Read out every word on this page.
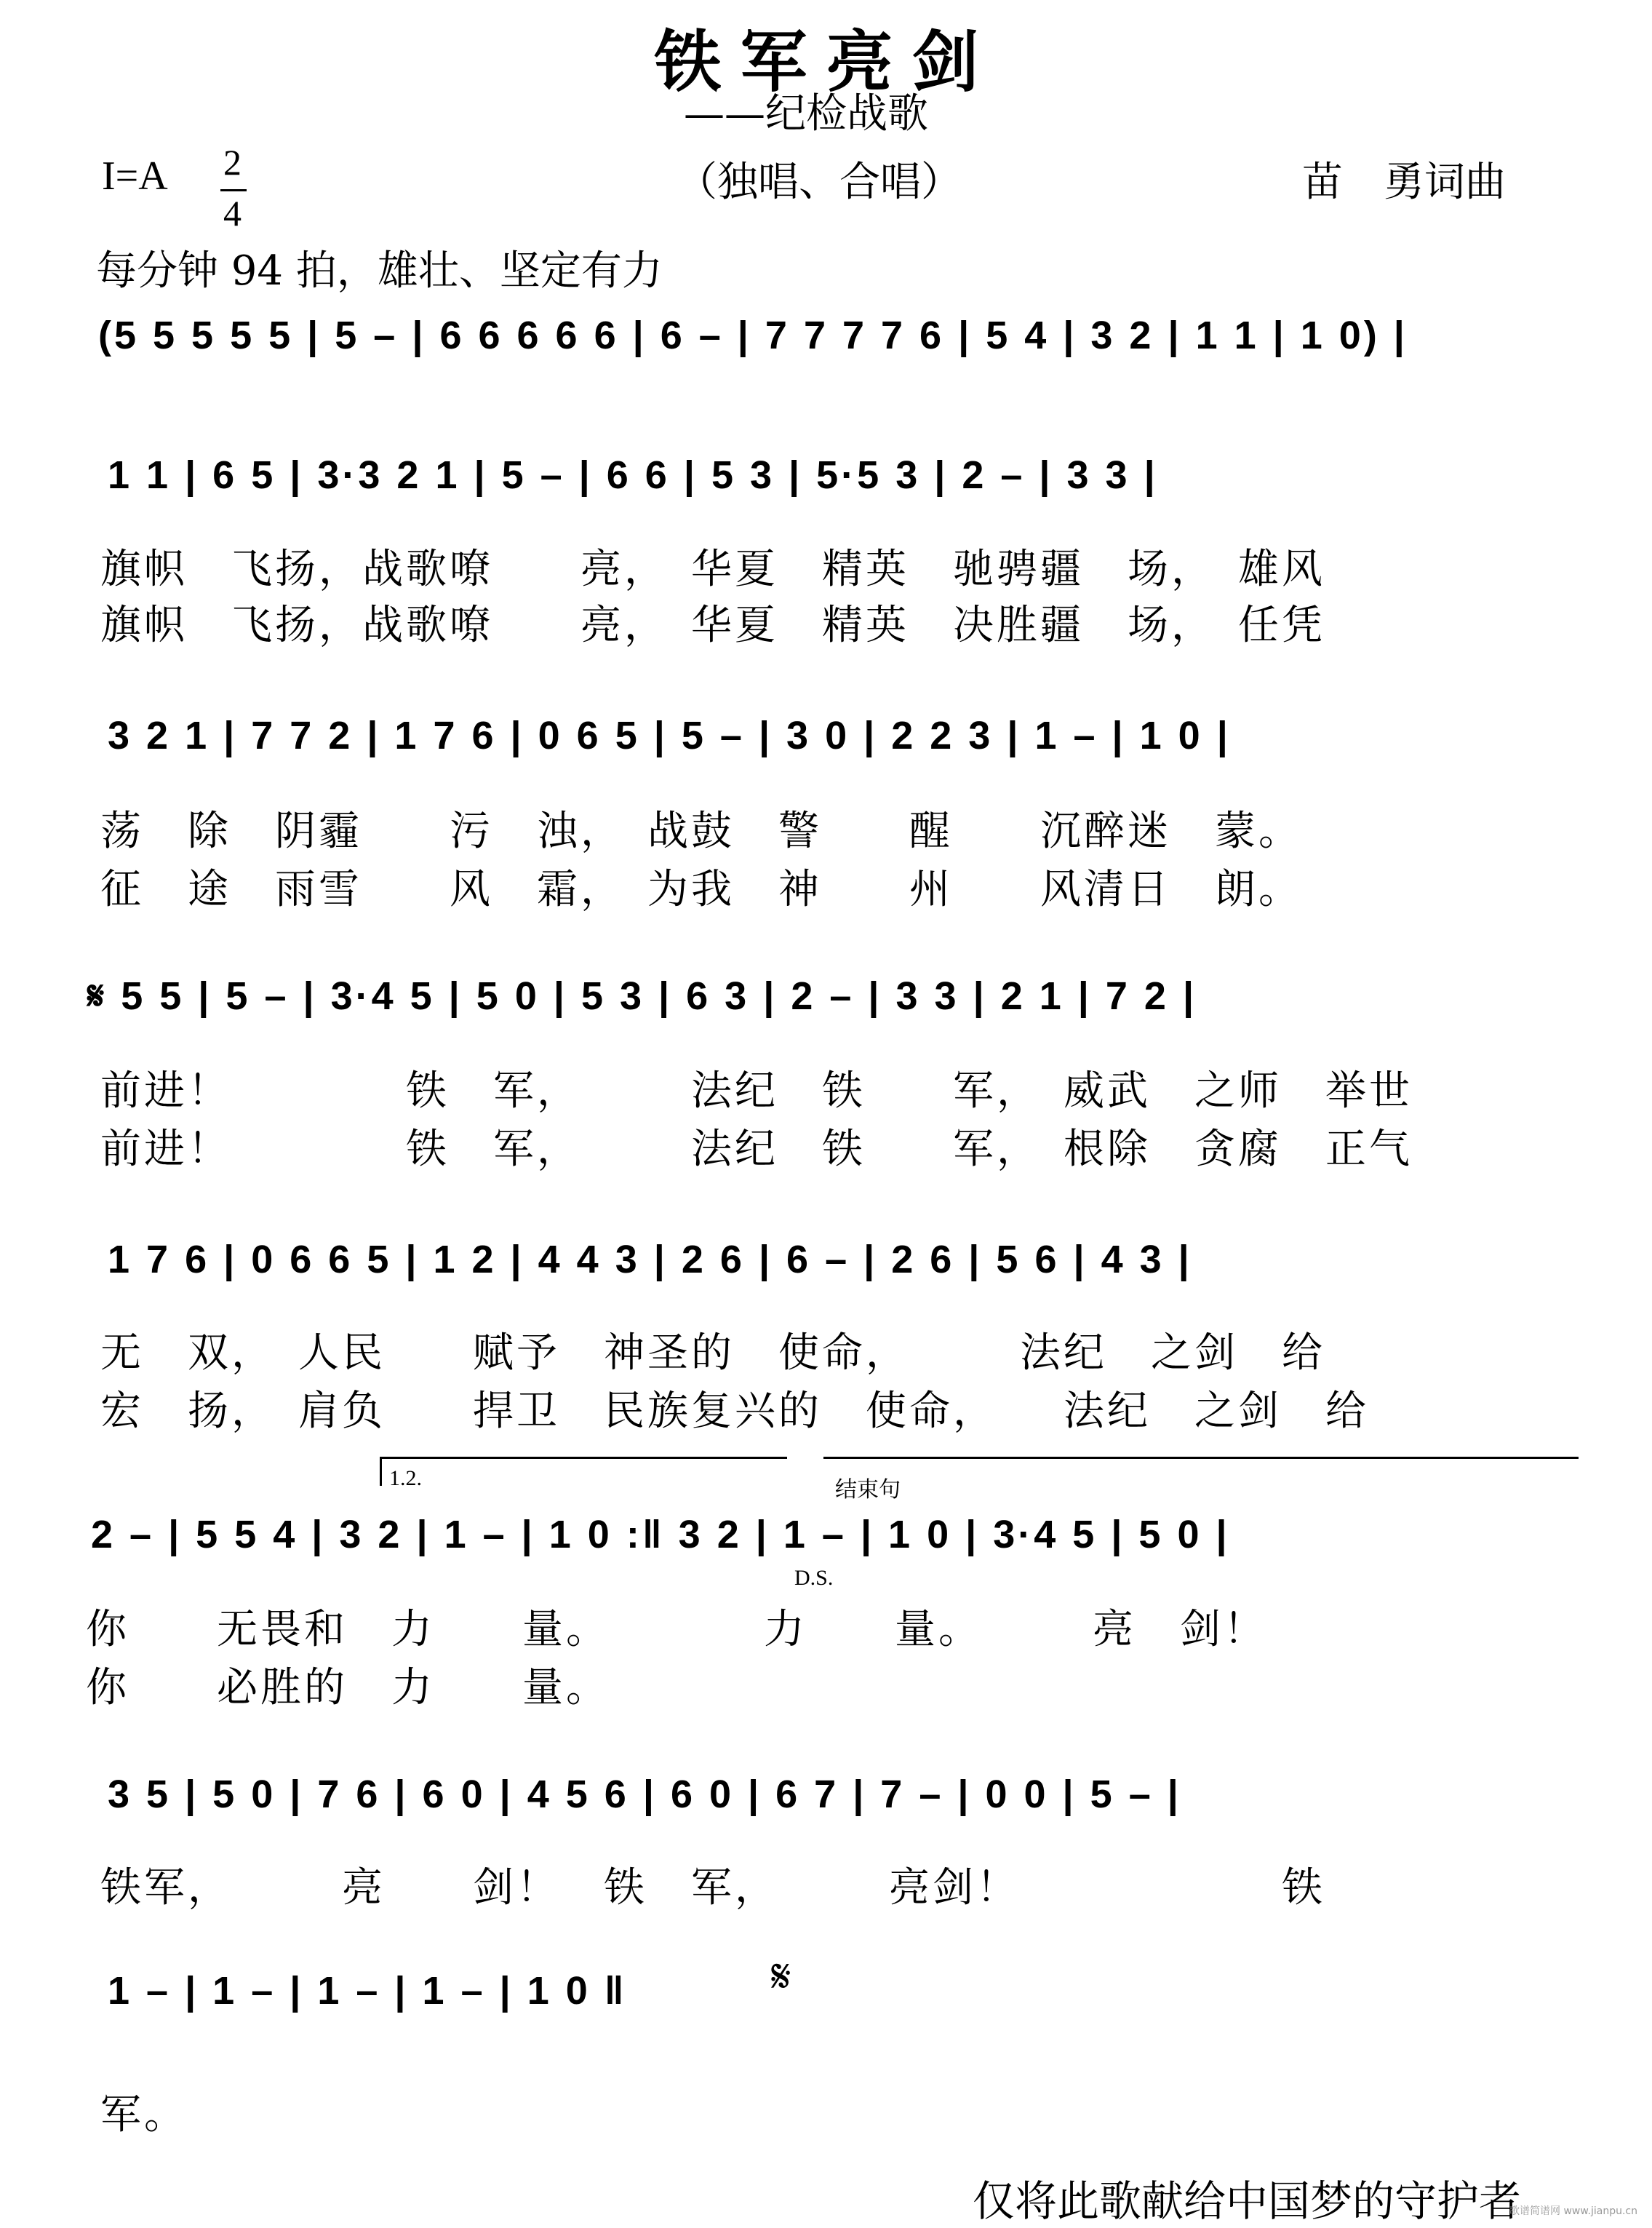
铁军亮剑
——纪检战歌
I=A 2
4
（独唱、合唱）	苗　勇词曲
每分钟 94 拍，雄壮、坚定有力
(5 5 5 5 5 | 5 – | 6 6 6 6 6 | 6 – | 7 7 7 7 6 | 5 4 | 3 2 | 1 1 | 1 0) |
1 1 | 6 5 | 3·3 2 1 | 5 – | 6 6 | 5 3 | 5·5 3 | 2 – | 3 3 |
旗帜　飞扬，战歌嘹　　亮，　华夏　精英　驰骋疆　场，　雄风
旗帜　飞扬，战歌嘹　　亮，　华夏　精英　决胜疆　场，　任凭
3 2 1 | 7 7 2 | 1 7 6 | 0 6 5 | 5 – | 3 0 | 2 2 3 | 1 – | 1 0 |
荡　除　阴霾　　污　浊，　战鼓　警　　醒　　沉醉迷　蒙。
征　途　雨雪　　风　霜，　为我　神　　州　　风清日　朗。
𝄋 5 5 | 5 – | 3·4 5 | 5 0 | 5 3 | 6 3 | 2 – | 3 3 | 2 1 | 7 2 |
前进！　　　　铁　军，　　　法纪　铁　　军，　威武　之师　举世
前进！　　　　铁　军，　　　法纪　铁　　军，　根除　贪腐　正气
1 7 6 | 0 6 6 5 | 1 2 | 4 4 3 | 2 6 | 6 – | 2 6 | 5 6 | 4 3 |
无　双，　人民　　赋予　神圣的　使命，　　　法纪　之剑　给
宏　扬，　肩负　　捍卫　民族复兴的　使命，　　法纪　之剑　给
1.2.	结束句
2 – | 5 5 4 | 3 2 | 1 – | 1 0 :‖ 3 2 | 1 – | 1 0 | 3·4 5 | 5 0 |
D.S.
你　　无畏和　力　　量。　　　　力　　量。　　　亮　剑！
你　　必胜的　力　　量。
3 5 | 5 0 | 7 6 | 6 0 | 4 5 6 | 6 0 | 6 7 | 7 – | 0 0 | 5 – |
铁军，　　　亮　　剑！　铁　军，　　　亮剑！　　　　　　铁
1 – | 1 – | 1 – | 1 – | 1 0 ‖
军。
𝄋
仅将此歌献给中国梦的守护者
歌谱简谱网 www.jianpu.cn
